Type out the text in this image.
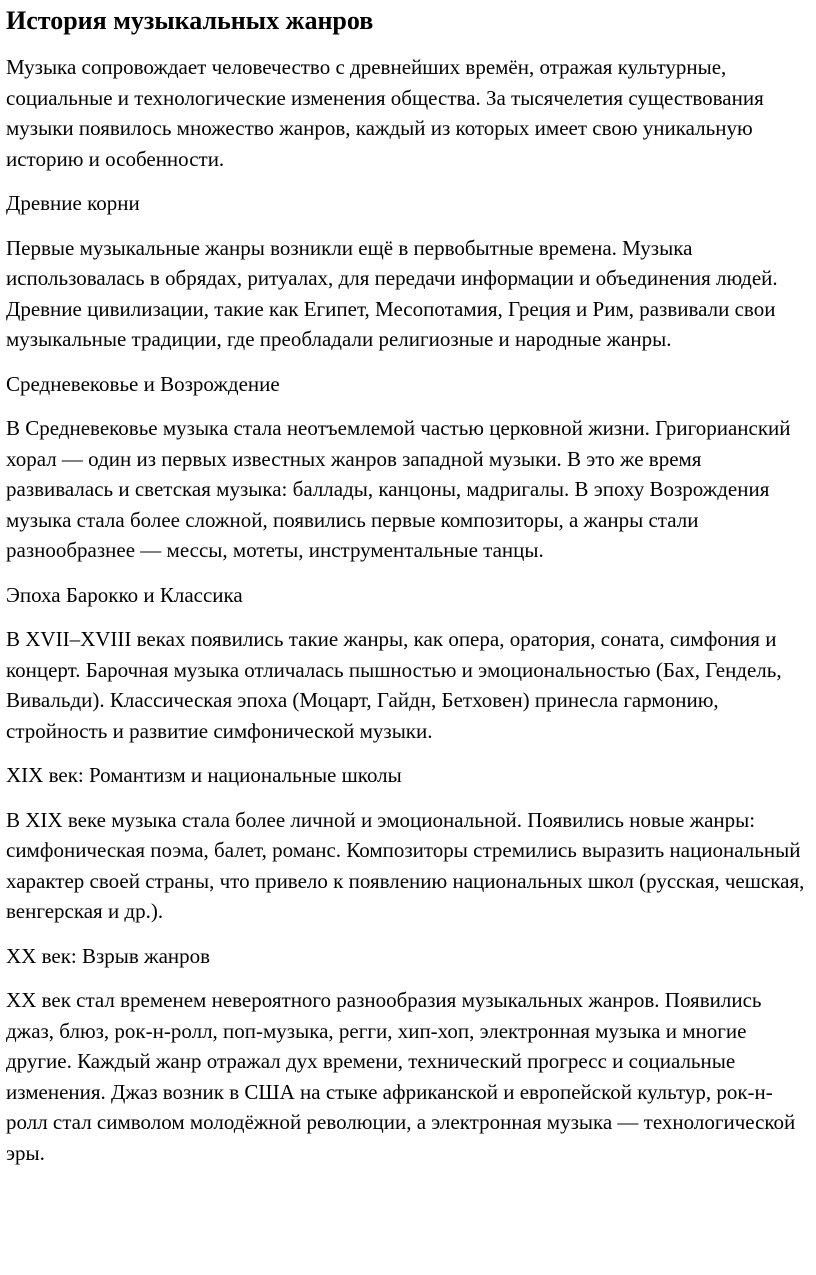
История музыкальных жанров

Музыка сопровождает человечество с древнейших времён, отражая культурные, социальные и технологические изменения общества. За тысячелетия существования музыки появилось множество жанров, каждый из которых имеет свою уникальную историю и особенности.

Древние корни

Первые музыкальные жанры возникли ещё в первобытные времена. Музыка использовалась в обрядах, ритуалах, для передачи информации и объединения людей. Древние цивилизации, такие как Египет, Месопотамия, Греция и Рим, развивали свои музыкальные традиции, где преобладали религиозные и народные жанры.

Средневековье и Возрождение

В Средневековье музыка стала неотъемлемой частью церковной жизни. Григорианский хорал — один из первых известных жанров западной музыки. В это же время развивалась и светская музыка: баллады, канцоны, мадригалы. В эпоху Возрождения музыка стала более сложной, появились первые композиторы, а жанры стали разнообразнее — мессы, мотеты, инструментальные танцы.

Эпоха Барокко и Классика

В XVII–XVIII веках появились такие жанры, как опера, оратория, соната, симфония и концерт. Барочная музыка отличалась пышностью и эмоциональностью (Бах, Гендель, Вивальди). Классическая эпоха (Моцарт, Гайдн, Бетховен) принесла гармонию, стройность и развитие симфонической музыки.

XIX век: Романтизм и национальные школы

В XIX веке музыка стала более личной и эмоциональной. Появились новые жанры: симфоническая поэма, балет, романс. Композиторы стремились выразить национальный характер своей страны, что привело к появлению национальных школ (русская, чешская, венгерская и др.).

XX век: Взрыв жанров

XX век стал временем невероятного разнообразия музыкальных жанров. Появились джаз, блюз, рок-н-ролл, поп-музыка, регги, хип-хоп, электронная музыка и многие другие. Каждый жанр отражал дух времени, технический прогресс и социальные изменения. Джаз возник в США на стыке африканской и европейской культур, рок-н-ролл стал символом молодёжной революции, а электронная музыка — технологической эры.
